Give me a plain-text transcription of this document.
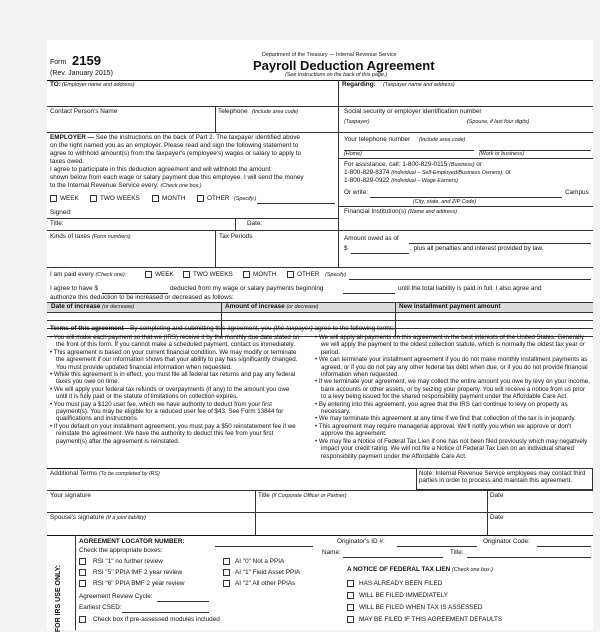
Form 2159
(Rev. January 2015)
Department of the Treasury — Internal Revenue Service
Payroll Deduction Agreement
(See instructions on the back of this page.)
TO: (Employer name and address)	Regarding: (Taxpayer name and address)
Contact Person's Name	Telephone (Include area code)	Social security or employer identification number
(Taxpayer)	(Spouse, if last four digits)
EMPLOYER — See the instructions on the back of Part 2. The taxpayer identified above
on the right named you as an employer. Please read and sign the following statement to
agree to withhold amount(s) from the taxpayer's (employee's) wages or salary to apply to
taxes owed.
I agree to participate in this deduction agreement and will withhold the amount
shown below from each wage or salary payment due this employee. I will send the money
to the Internal Revenue Service every: (Check one box.)
WEEK	TWO WEEKS	MONTH	OTHER (Specify.)
Signed:
Title:	Date:
Your telephone number (Include area code)
(Home)	(Work or business)
For assistance, call: 1-800-829-0115 (Business) or
1-800-829-8374 (Individual – Self-Employed/Business Owners), or
1-800-829-0922 (Individual – Wage Earners)
Or write:	Campus
(City, state, and ZIP Code)
Financial Institution(s) (Name and address)
Kinds of taxes (Form numbers)	Tax Periods	Amount owed as of
$	, plus all penalties and interest provided by law.
I am paid every (Check one):	WEEK	TWO WEEKS	MONTH	OTHER (Specify)
I agree to have $	deducted from my wage or salary payments beginning	until the total liability is paid in full. I also agree and
authorize this deduction to be increased or decreased as follows:
Date of increase (or decrease)	Amount of increase (or decrease)	New installment payment amount
Terms of this agreement—By completing and submitting this agreement, you (the taxpayer) agree to the following terms:
• You will make each payment so that we (IRS) receive it by the monthly due date stated on the front of this form. If you cannot make a scheduled payment, contact us immediately.
• This agreement is based on your current financial condition. We may modify or terminate the agreement if our information shows that your ability to pay has significantly changed. You must provide updated financial information when requested.
• While this agreement is in effect, you must file all federal tax returns and pay any federal taxes you owe on time.
• We will apply your federal tax refunds or overpayments (if any) to the amount you owe until it is fully paid or the statute of limitations on collection expires.
• You must pay a $120 user fee, which we have authority to deduct from your first payment(s). You may be eligible for a reduced user fee of $43. See Form 13844 for qualifications and instructions.
• If you default on your installment agreement, you must pay a $50 reinstatement fee if we reinstate the agreement. We have the authority to deduct this fee from your first payment(s) after the agreement is reinstated.
• We will apply all payments on this agreement in the best interests of the United States. Generally we will apply the payment to the oldest collection statute, which is normally the oldest tax year or period.
• We can terminate your installment agreement if you do not make monthly installment payments as agreed, or if you do not pay any other federal tax debt when due, or if you do not provide financial information when requested.
• If we terminate your agreement, we may collect the entire amount you owe by levy on your income, bank accounts or other assets, or by seizing your property. You will receive a notice from us prior to a levy being issued for the shared responsibility payment under the Affordable Care Act.
• By entering into this agreement, you agree that the IRS can continue to levy on property as necessary.
• We may terminate this agreement at any time if we find that collection of the tax is in jeopardy.
• This agreement may require managerial approval. We'll notify you when we approve or don't approve the agreement.
• We may file a Notice of Federal Tax Lien if one has not been filed previously which may negatively impact your credit rating. We will not file a Notice of Federal Tax Lien on an individual shared responsibility payment under the Affordable Care Act.
Additional Terms (To be completed by IRS)	Note: Internal Revenue Service employees may contact third parties in order to process and maintain this agreement.
Your signature	Title (If Corporate Officer or Partner)	Date
Spouse's signature (If a joint liability)	Date
FOR IRS USE ONLY:
AGREEMENT LOCATOR NUMBER:
Check the appropriate boxes:
RSI "1" no further review
RSI "5" PPIA IMF 2 year review
RSI "6" PPIA BMF 2 year review
Agreement Review Cycle:
Earliest CSED:
Check box if pre-assessed modules included
AI "0" Not a PPIA
AI "1" Field Asset PPIA
AI "2" All other PPIAs
Originator's ID #:	Originator Code:
Name:	Title:
A NOTICE OF FEDERAL TAX LIEN (Check one box.)
HAS ALREADY BEEN FILED
WILL BE FILED IMMEDIATELY
WILL BE FILED WHEN TAX IS ASSESSED
MAY BE FILED IF THIS AGREEMENT DEFAULTS
